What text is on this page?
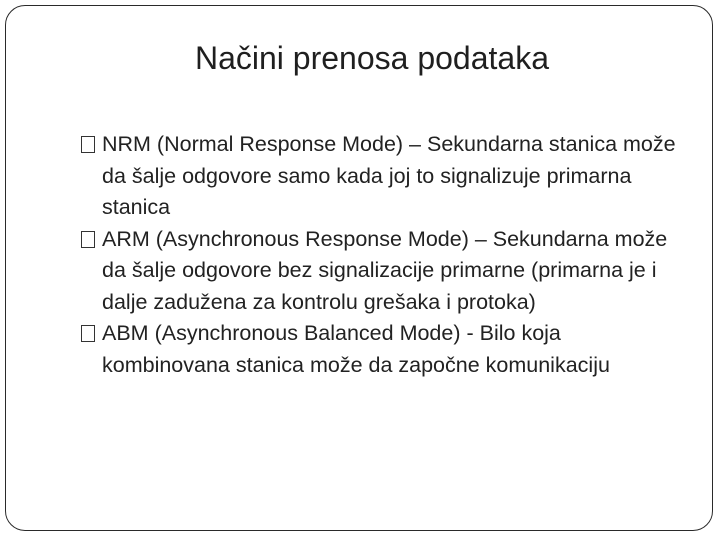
Načini prenosa podataka

NRM (Normal Response Mode) – Sekundarna stanica može da šalje odgovore samo kada joj to signalizuje primarna stanica

ARM (Asynchronous Response Mode) – Sekundarna može da šalje odgovore bez signalizacije primarne (primarna je i dalje zadužena za kontrolu grešaka i protoka)

ABM (Asynchronous Balanced Mode) - Bilo koja kombinovana stanica može da započne komunikaciju
